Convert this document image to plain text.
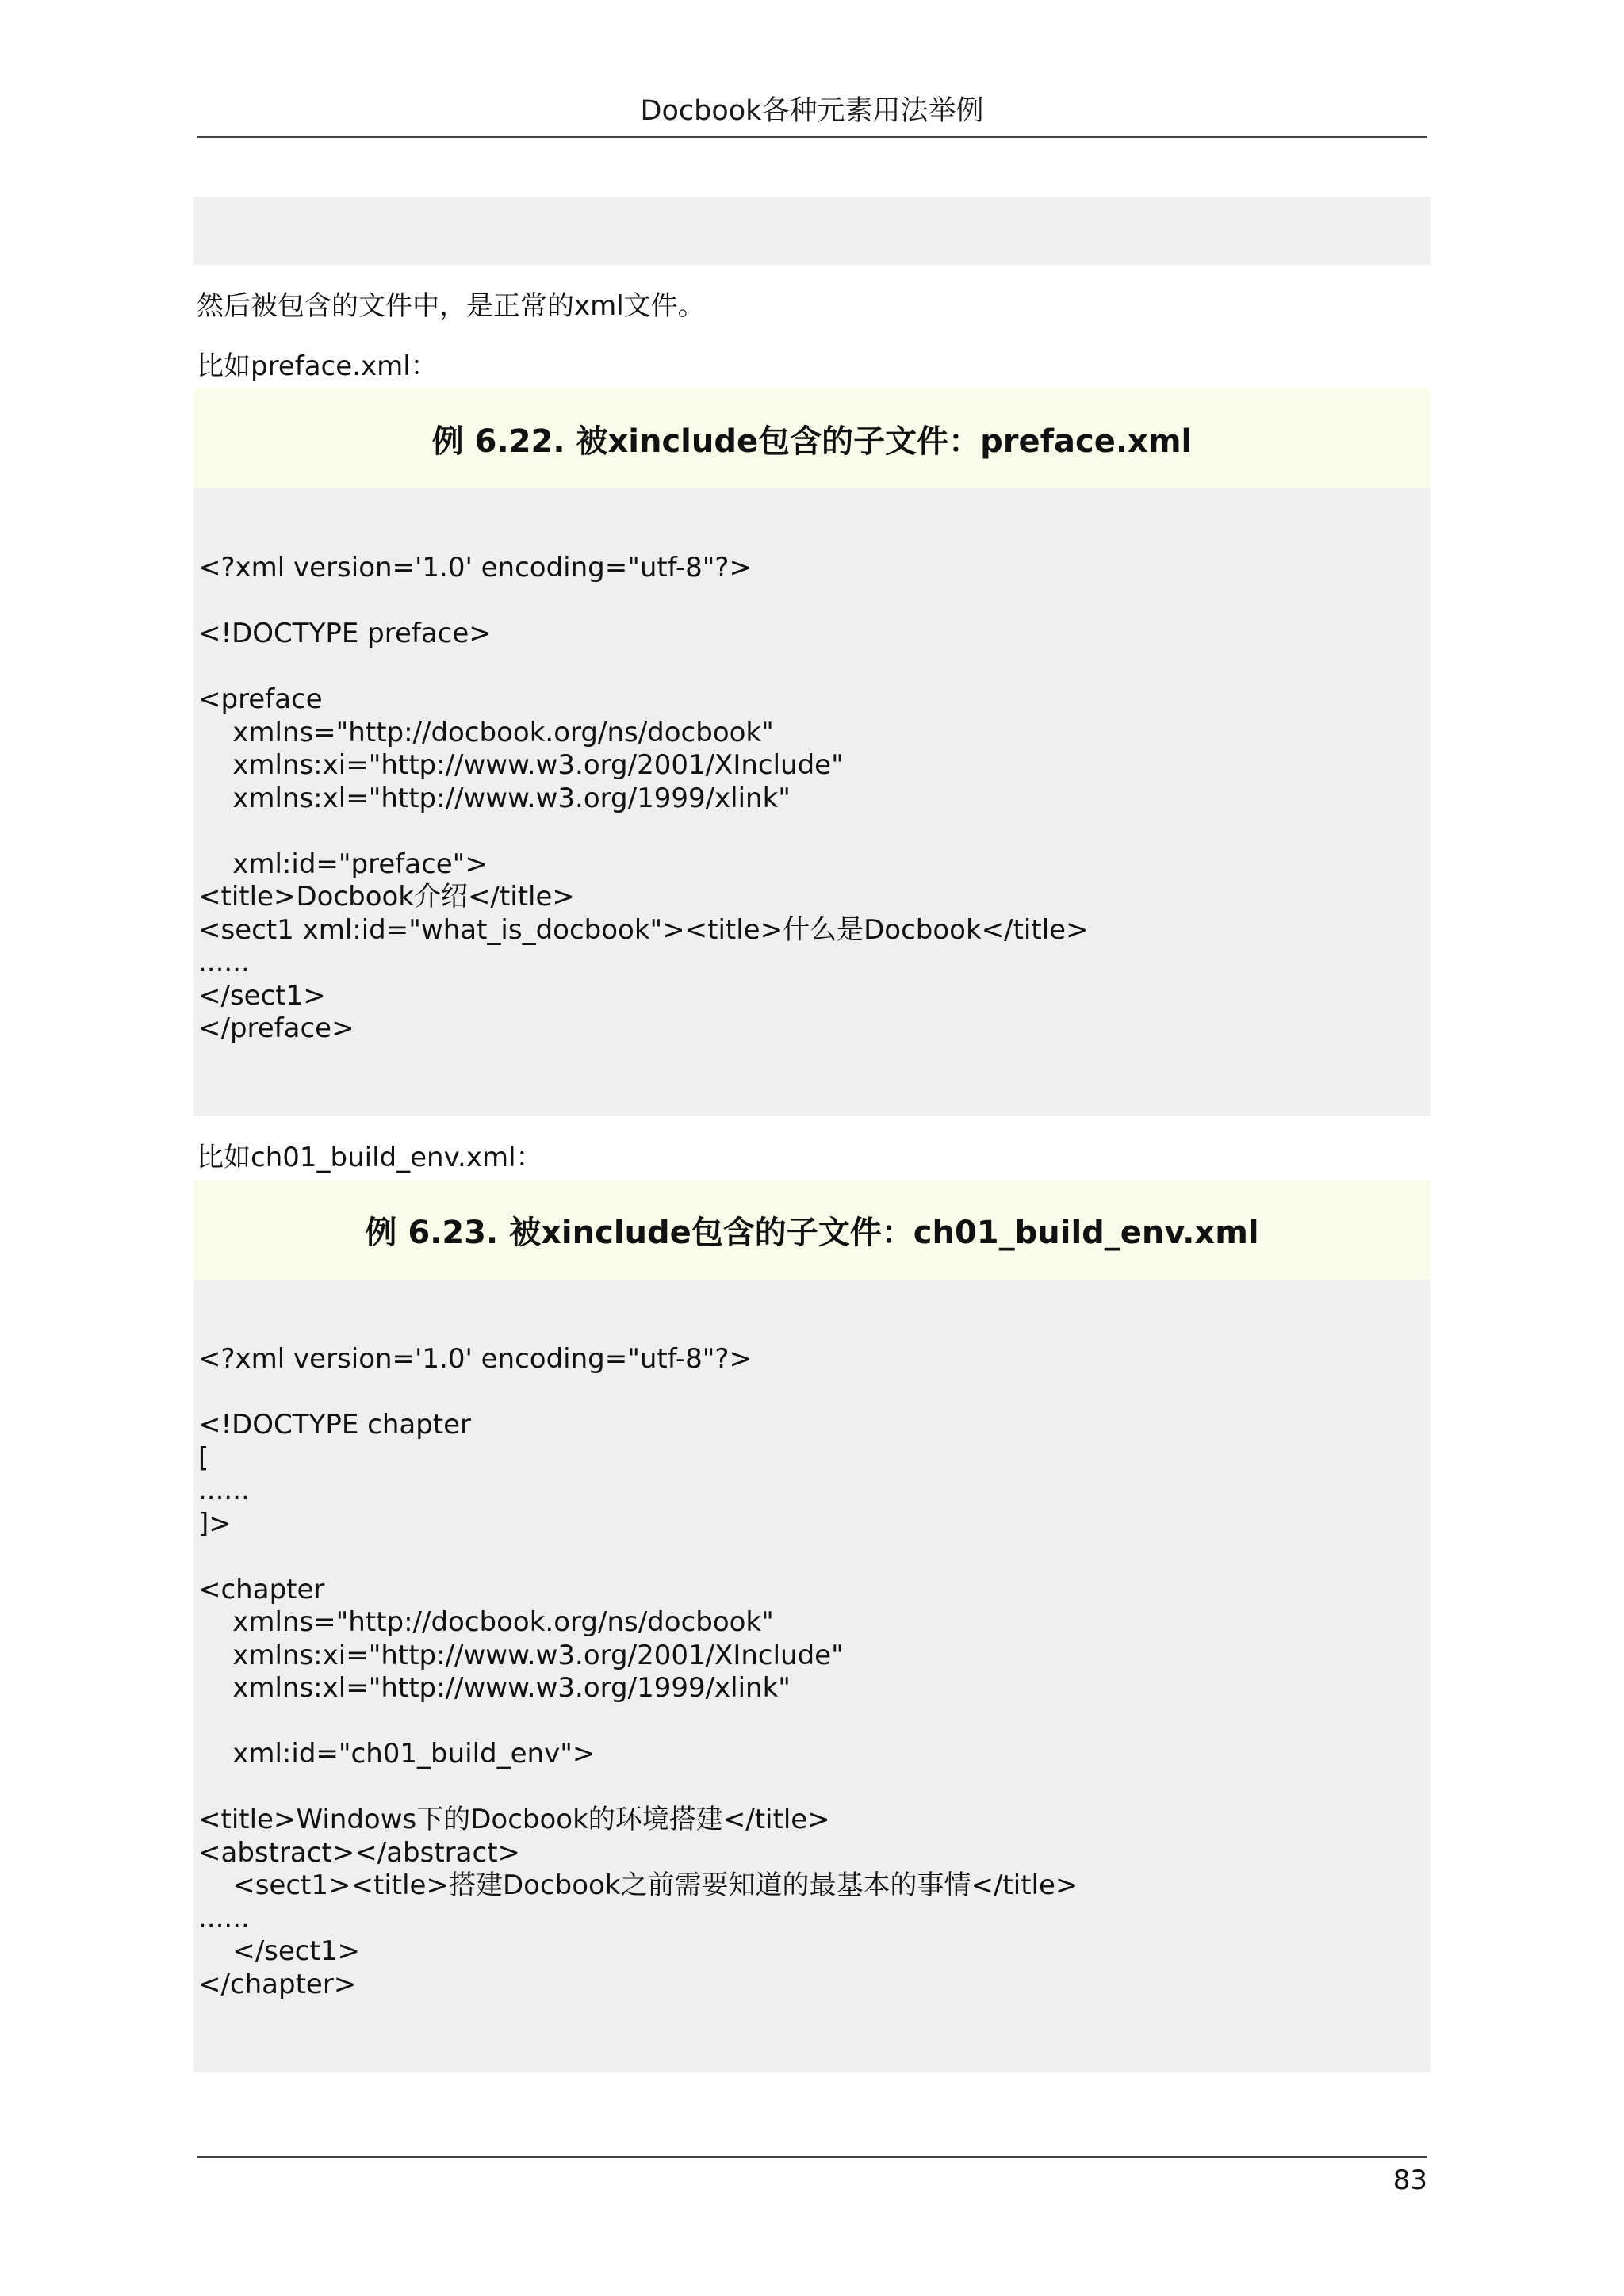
Docbook各种元素用法举例
然后被包含的文件中，是正常的xml文件。
比如preface.xml：
例 6.22. 被xinclude包含的子文件：preface.xml
<?xml version='1.0' encoding="utf-8"?>

<!DOCTYPE preface>

<preface
xmlns="http://docbook.org/ns/docbook"
xmlns:xi="http://www.w3.org/2001/XInclude"
xmlns:xl="http://www.w3.org/1999/xlink"

xml:id="preface">
<title>Docbook介绍</title>
<sect1 xml:id="what_is_docbook"><title>什么是Docbook</title>
......
</sect1>
</preface>
比如ch01_build_env.xml：
例 6.23. 被xinclude包含的子文件：ch01_build_env.xml
<?xml version='1.0' encoding="utf-8"?>

<!DOCTYPE chapter
[
......
]>

<chapter
xmlns="http://docbook.org/ns/docbook"
xmlns:xi="http://www.w3.org/2001/XInclude"
xmlns:xl="http://www.w3.org/1999/xlink"

xml:id="ch01_build_env">

<title>Windows下的Docbook的环境搭建</title>
<abstract></abstract>
<sect1><title>搭建Docbook之前需要知道的最基本的事情</title>
......
</sect1>
</chapter>
83
